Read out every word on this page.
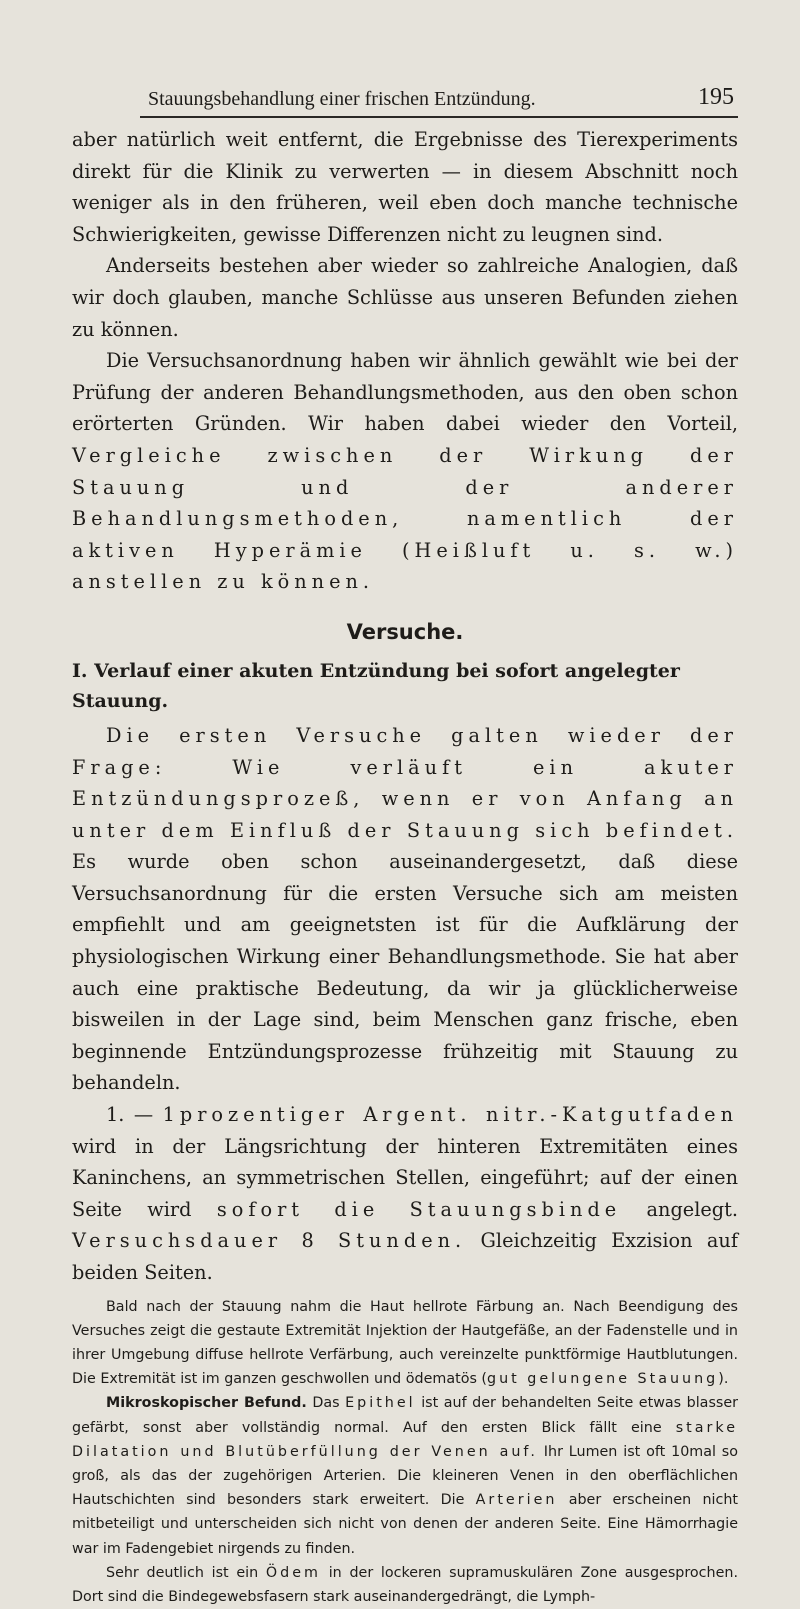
Stauungsbehandlung einer frischen Entzündung.	195

aber natürlich weit entfernt, die Ergebnisse des Tierexperiments direkt für die Klinik zu verwerten — in diesem Abschnitt noch weniger als in den früheren, weil eben doch manche technische Schwierigkeiten, gewisse Differenzen nicht zu leugnen sind.

Anderseits bestehen aber wieder so zahlreiche Analogien, daß wir doch glauben, manche Schlüsse aus unseren Befunden ziehen zu können.

Die Versuchsanordnung haben wir ähnlich gewählt wie bei der Prüfung der anderen Behandlungsmethoden, aus den oben schon erörterten Gründen. Wir haben dabei wieder den Vorteil, Vergleiche zwischen der Wirkung der Stauung und der anderer Behandlungsmethoden, namentlich der aktiven Hyperämie (Heißluft u. s. w.) anstellen zu können.

Versuche.
I. Verlauf einer akuten Entzündung bei sofort angelegter Stauung.

Die ersten Versuche galten wieder der Frage: Wie verläuft ein akuter Entzündungsprozeß, wenn er von Anfang an unter dem Einfluß der Stauung sich befindet. Es wurde oben schon auseinandergesetzt, daß diese Versuchsanordnung für die ersten Versuche sich am meisten empfiehlt und am geeignetsten ist für die Aufklärung der physiologischen Wirkung einer Behandlungsmethode. Sie hat aber auch eine praktische Bedeutung, da wir ja glücklicherweise bisweilen in der Lage sind, beim Menschen ganz frische, eben beginnende Entzündungsprozesse frühzeitig mit Stauung zu behandeln.

1. — 1prozentiger Argent. nitr.-Katgutfaden wird in der Längsrichtung der hinteren Extremitäten eines Kaninchens, an symmetrischen Stellen, eingeführt; auf der einen Seite wird sofort die Stauungsbinde angelegt. Versuchsdauer 8 Stunden. Gleichzeitig Exzision auf beiden Seiten.

Bald nach der Stauung nahm die Haut hellrote Färbung an. Nach Beendigung des Versuches zeigt die gestaute Extremität Injektion der Hautgefäße, an der Fadenstelle und in ihrer Umgebung diffuse hellrote Verfärbung, auch vereinzelte punktförmige Hautblutungen. Die Extremität ist im ganzen geschwollen und ödematös (gut gelungene Stauung).

Mikroskopischer Befund. Das Epithel ist auf der behandelten Seite etwas blasser gefärbt, sonst aber vollständig normal. Auf den ersten Blick fällt eine starke Dilatation und Blutüberfüllung der Venen auf. Ihr Lumen ist oft 10mal so groß, als das der zugehörigen Arterien. Die kleineren Venen in den oberflächlichen Hautschichten sind besonders stark erweitert. Die Arterien aber erscheinen nicht mitbeteiligt und unterscheiden sich nicht von denen der anderen Seite. Eine Hämorrhagie war im Fadengebiet nirgends zu finden.

Sehr deutlich ist ein Ödem in der lockeren supramuskulären Zone ausgesprochen. Dort sind die Bindegewebsfasern stark auseinandergedrängt, die Lymph-
